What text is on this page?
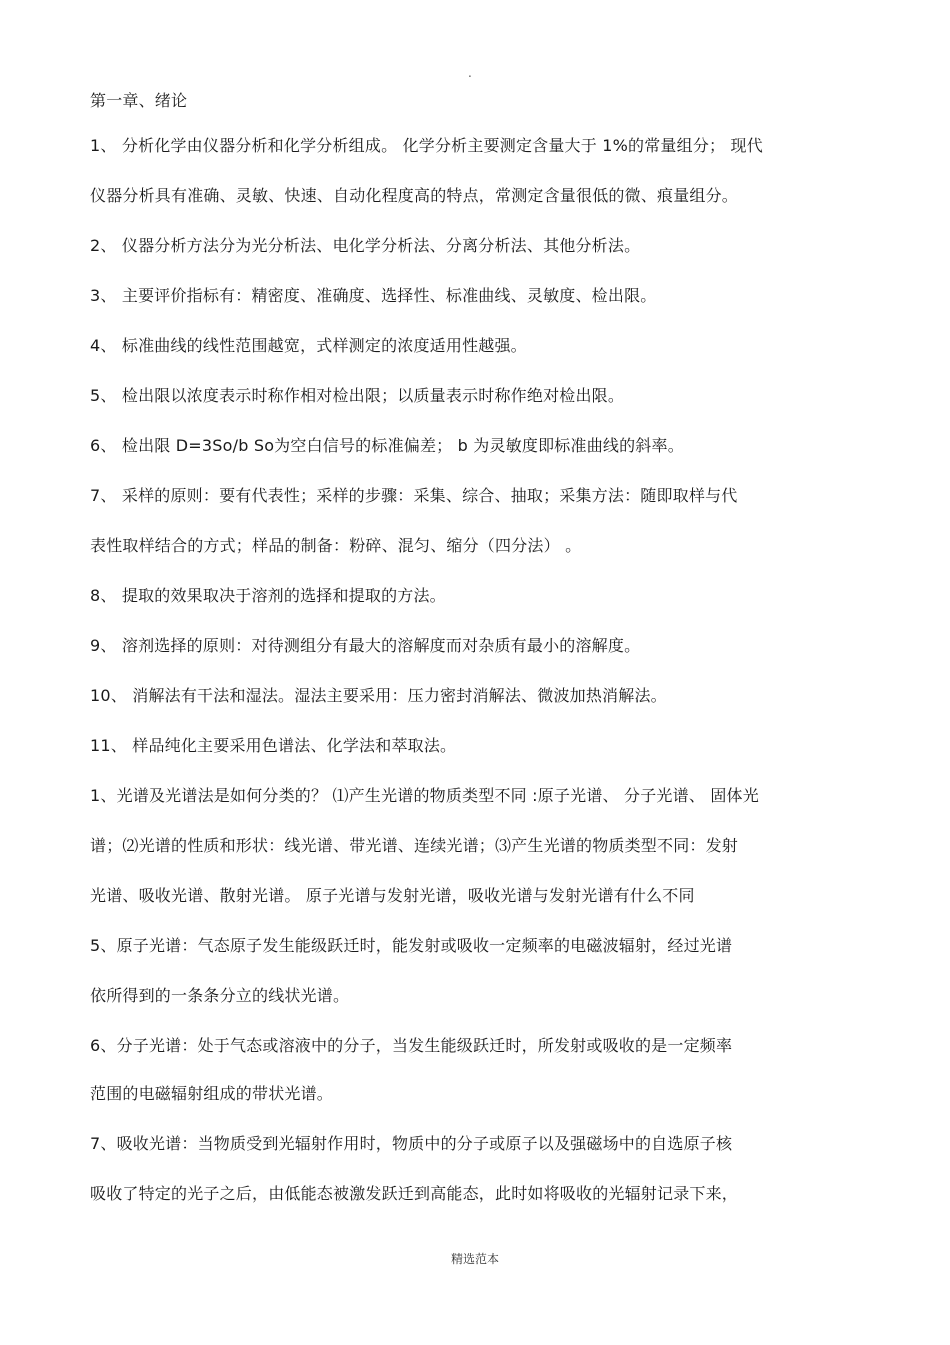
.
第一章、绪论
1、 分析化学由仪器分析和化学分析组成。 化学分析主要测定含量大于 1%的常量组分； 现代
仪器分析具有准确、灵敏、快速、自动化程度高的特点，常测定含量很低的微、痕量组分。
2、 仪器分析方法分为光分析法、电化学分析法、分离分析法、其他分析法。
3、 主要评价指标有：精密度、准确度、选择性、标准曲线、灵敏度、检出限。
4、 标准曲线的线性范围越宽，式样测定的浓度适用性越强。
5、 检出限以浓度表示时称作相对检出限；以质量表示时称作绝对检出限。
6、 检出限 D=3So/b So为空白信号的标准偏差； b 为灵敏度即标准曲线的斜率。
7、 采样的原则：要有代表性；采样的步骤：采集、综合、抽取；采集方法：随即取样与代
表性取样结合的方式；样品的制备：粉碎、混匀、缩分（四分法） 。
8、 提取的效果取决于溶剂的选择和提取的方法。
9、 溶剂选择的原则：对待测组分有最大的溶解度而对杂质有最小的溶解度。
10、 消解法有干法和湿法。湿法主要采用：压力密封消解法、微波加热消解法。
11、 样品纯化主要采用色谱法、化学法和萃取法。
1、光谱及光谱法是如何分类的？ ⑴产生光谱的物质类型不同 :原子光谱、 分子光谱、 固体光
谱；⑵光谱的性质和形状：线光谱、带光谱、连续光谱；⑶产生光谱的物质类型不同：发射
光谱、吸收光谱、散射光谱。 原子光谱与发射光谱，吸收光谱与发射光谱有什么不同
5、原子光谱：气态原子发生能级跃迁时，能发射或吸收一定频率的电磁波辐射，经过光谱
依所得到的一条条分立的线状光谱。
6、分子光谱：处于气态或溶液中的分子，当发生能级跃迁时，所发射或吸收的是一定频率
范围的电磁辐射组成的带状光谱。
7、吸收光谱：当物质受到光辐射作用时，物质中的分子或原子以及强磁场中的自选原子核
吸收了特定的光子之后，由低能态被激发跃迁到高能态，此时如将吸收的光辐射记录下来，
精选范本
